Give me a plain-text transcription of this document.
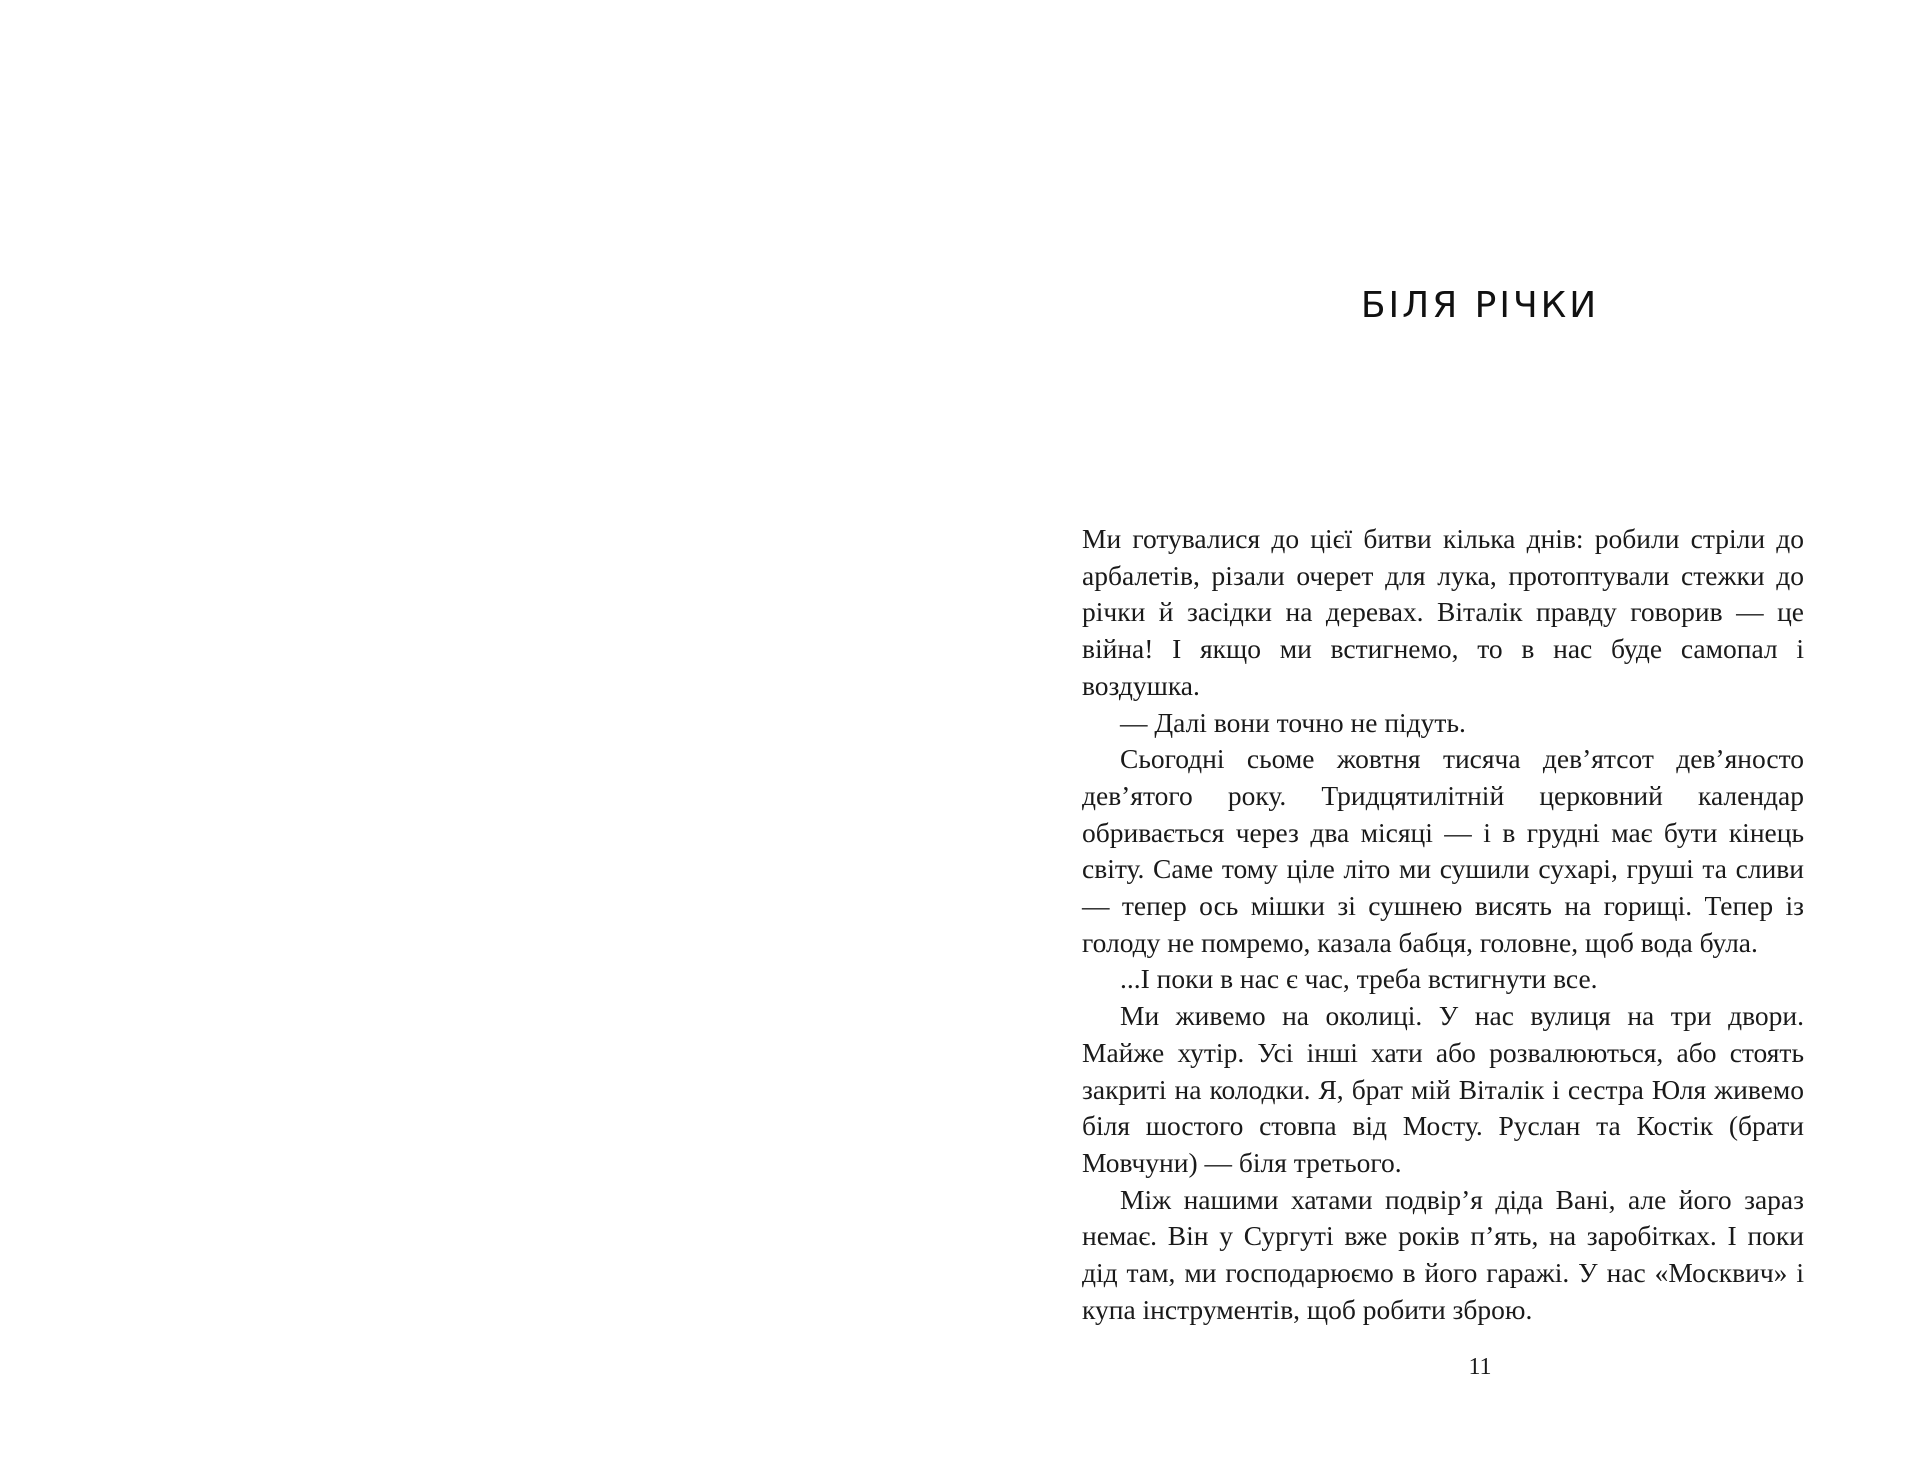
БІЛЯ РІЧКИ

Ми готувалися до цієї битви кілька днів: робили стріли до арбалетів, різали очерет для лука, протоптували стежки до річки й засідки на деревах. Віталік правду говорив — це війна! І якщо ми встигнемо, то в нас буде самопал і воздушка.

— Далі вони точно не підуть.

Сьогодні сьоме жовтня тисяча дев’ятсот дев’яносто дев’ятого року. Тридцятилітній церковний календар обривається через два місяці — і в грудні має бути кінець світу. Саме тому ціле літо ми сушили сухарі, груші та сливи — тепер ось мішки зі сушнею висять на горищі. Тепер із голоду не помремо, казала бабця, головне, щоб вода була.

...І поки в нас є час, треба встигнути все.

Ми живемо на околиці. У нас вулиця на три двори. Майже хутір. Усі інші хати або розвалюються, або стоять закриті на колодки. Я, брат мій Віталік і сестра Юля живемо біля шостого стовпа від Мосту. Руслан та Костік (брати Мовчуни) — біля третього.

Між нашими хатами подвір’я діда Вані, але його зараз немає. Він у Сургуті вже років п’ять, на заробітках. І поки дід там, ми господарюємо в його гаражі. У нас «Москвич» і купа інструментів, щоб робити зброю.

11
